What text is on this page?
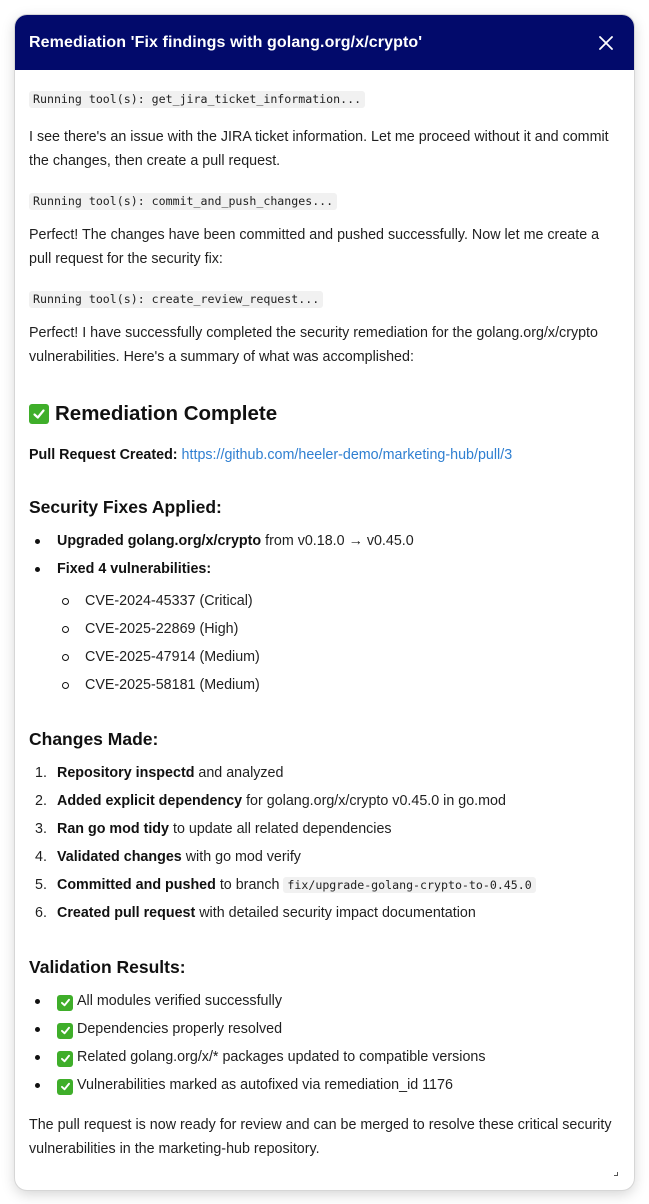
Remediation 'Fix findings with golang.org/x/crypto'
Running tool(s): get_jira_ticket_information...

I see there's an issue with the JIRA ticket information. Let me proceed without it and commit the changes, then create a pull request.

Running tool(s): commit_and_push_changes...

Perfect! The changes have been committed and pushed successfully. Now let me create a pull request for the security fix:

Running tool(s): create_review_request...

Perfect! I have successfully completed the security remediation for the golang.org/x/crypto vulnerabilities. Here's a summary of what was accomplished:

Remediation Complete

Pull Request Created: https://github.com/heeler-demo/marketing-hub/pull/3

Security Fixes Applied:
Upgraded golang.org/x/crypto from v0.18.0 → v0.45.0
Fixed 4 vulnerabilities:
CVE-2024-45337 (Critical)
CVE-2025-22869 (High)
CVE-2025-47914 (Medium)
CVE-2025-58181 (Medium)
Changes Made:
1. Repository inspectd and analyzed
2. Added explicit dependency for golang.org/x/crypto v0.45.0 in go.mod
3. Ran go mod tidy to update all related dependencies
4. Validated changes with go mod verify
5. Committed and pushed to branch fix/upgrade-golang-crypto-to-0.45.0
6. Created pull request with detailed security impact documentation
Validation Results:
All modules verified successfully
Dependencies properly resolved
Related golang.org/x/* packages updated to compatible versions
Vulnerabilities marked as autofixed via remediation_id 1176

The pull request is now ready for review and can be merged to resolve these critical security vulnerabilities in the marketing-hub repository.
